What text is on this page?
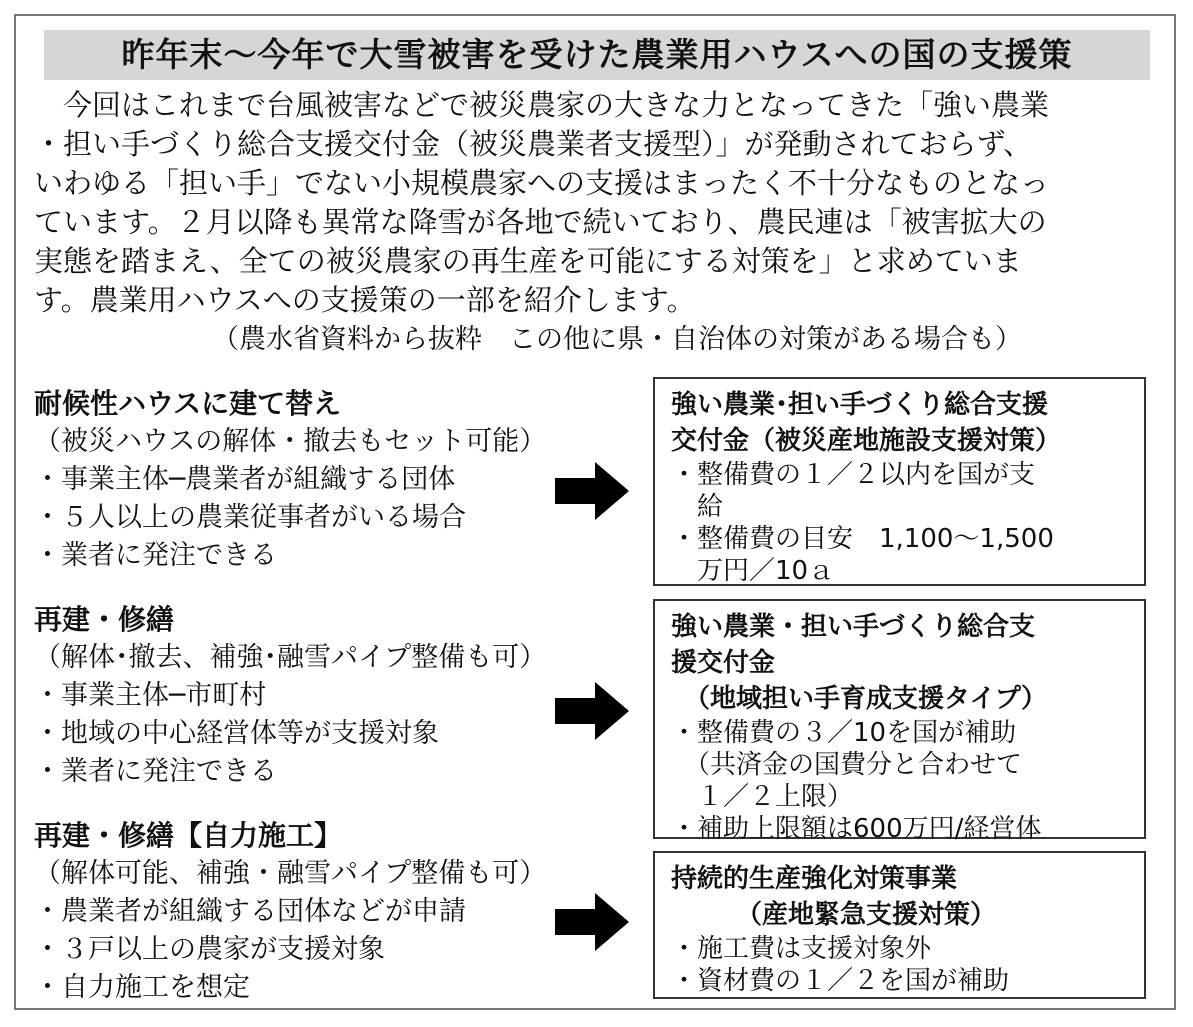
昨年末～今年で大雪被害を受けた農業用ハウスへの国の支援策
　今回はこれまで台風被害などで被災農家の大きな力となってきた「強い農業
・担い手づくり総合支援交付金（被災農業者支援型）」が発動されておらず、
いわゆる「担い手」でない小規模農家への支援はまったく不十分なものとなっ
ています。２月以降も異常な降雪が各地で続いており、農民連は「被害拡大の
実態を踏まえ、全ての被災農家の再生産を可能にする対策を」と求めていま
す。農業用ハウスへの支援策の一部を紹介します。
（農水省資料から抜粋　この他に県・自治体の対策がある場合も）
耐候性ハウスに建て替え
（被災ハウスの解体・撤去もセット可能）
・事業主体─農業者が組織する団体
・５人以上の農業従事者がいる場合
・業者に発注できる
強い農業･担い手づくり総合支援
交付金（被災産地施設支援対策）
・整備費の１／２以内を国が支
　給
・整備費の目安　1,100～1,500
　万円／10ａ
再建・修繕
（解体･撤去、補強･融雪パイプ整備も可）
・事業主体─市町村
・地域の中心経営体等が支援対象
・業者に発注できる
強い農業・担い手づくり総合支
援交付金
　（地域担い手育成支援タイプ）
・整備費の３／10を国が補助
　（共済金の国費分と合わせて
　１／２上限）
・補助上限額は600万円/経営体
再建・修繕【自力施工】
（解体可能、補強・融雪パイプ整備も可）
・農業者が組織する団体などが申請
・３戸以上の農家が支援対象
・自力施工を想定
持続的生産強化対策事業
　　　（産地緊急支援対策）
・施工費は支援対象外
・資材費の１／２を国が補助
